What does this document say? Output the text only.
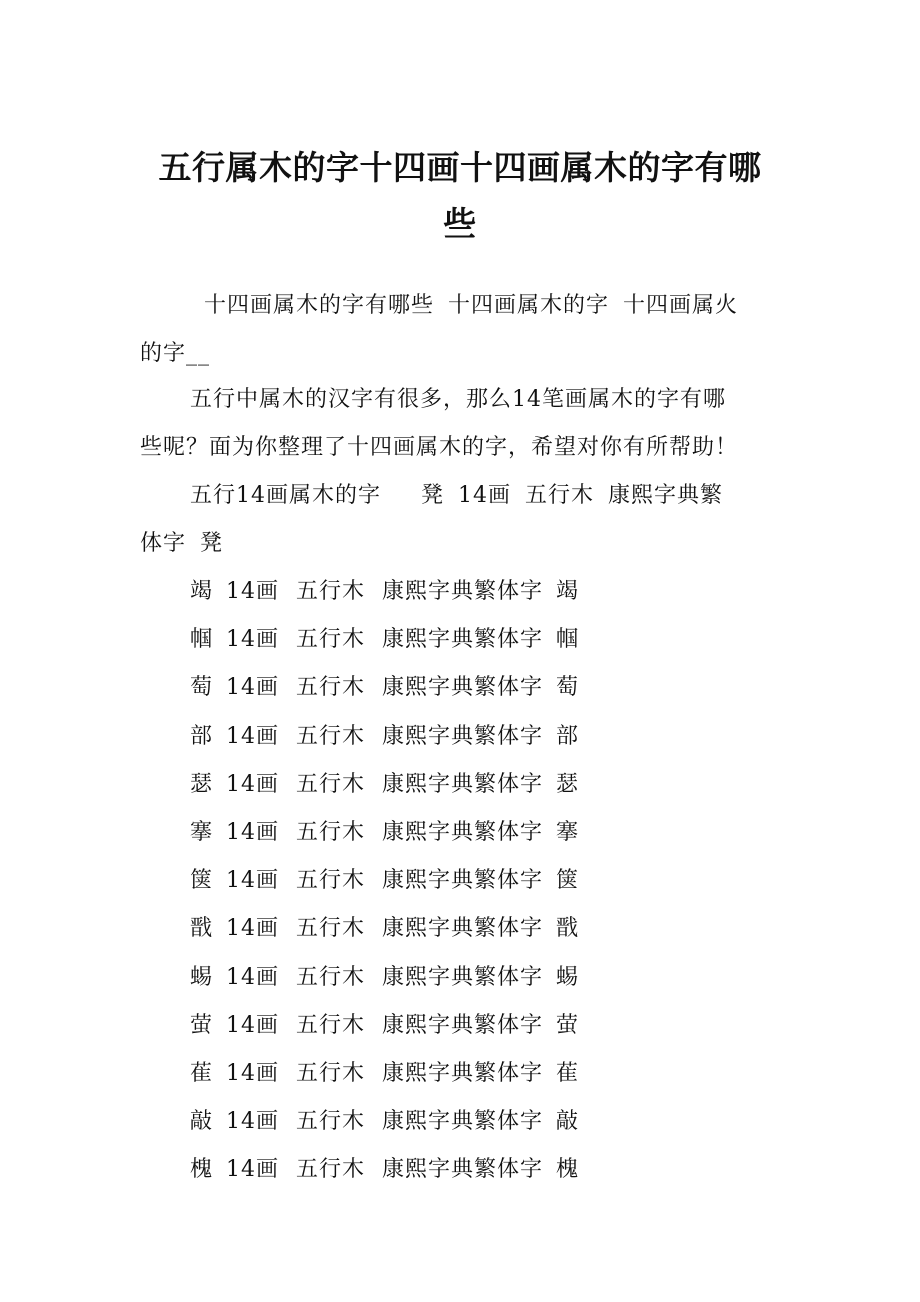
五行属木的字十四画十四画属木的字有哪
些
十四画属木的字有哪些 十四画属木的字 十四画属火
的字__
五行中属木的汉字有很多，那么14笔画属木的字有哪
些呢？面为你整理了十四画属木的字，希望对你有所帮助！
五行14画属木的字 凳 14画 五行木 康熙字典繁
体字 凳
竭 14画 五行木 康熙字典繁体字 竭
帼 14画 五行木 康熙字典繁体字 帼
萄 14画 五行木 康熙字典繁体字 萄
部 14画 五行木 康熙字典繁体字 部
瑟 14画 五行木 康熙字典繁体字 瑟
搴 14画 五行木 康熙字典繁体字 搴
箧 14画 五行木 康熙字典繁体字 箧
戬 14画 五行木 康熙字典繁体字 戬
蜴 14画 五行木 康熙字典繁体字 蜴
萤 14画 五行木 康熙字典繁体字 萤
萑 14画 五行木 康熙字典繁体字 萑
敲 14画 五行木 康熙字典繁体字 敲
槐 14画 五行木 康熙字典繁体字 槐
